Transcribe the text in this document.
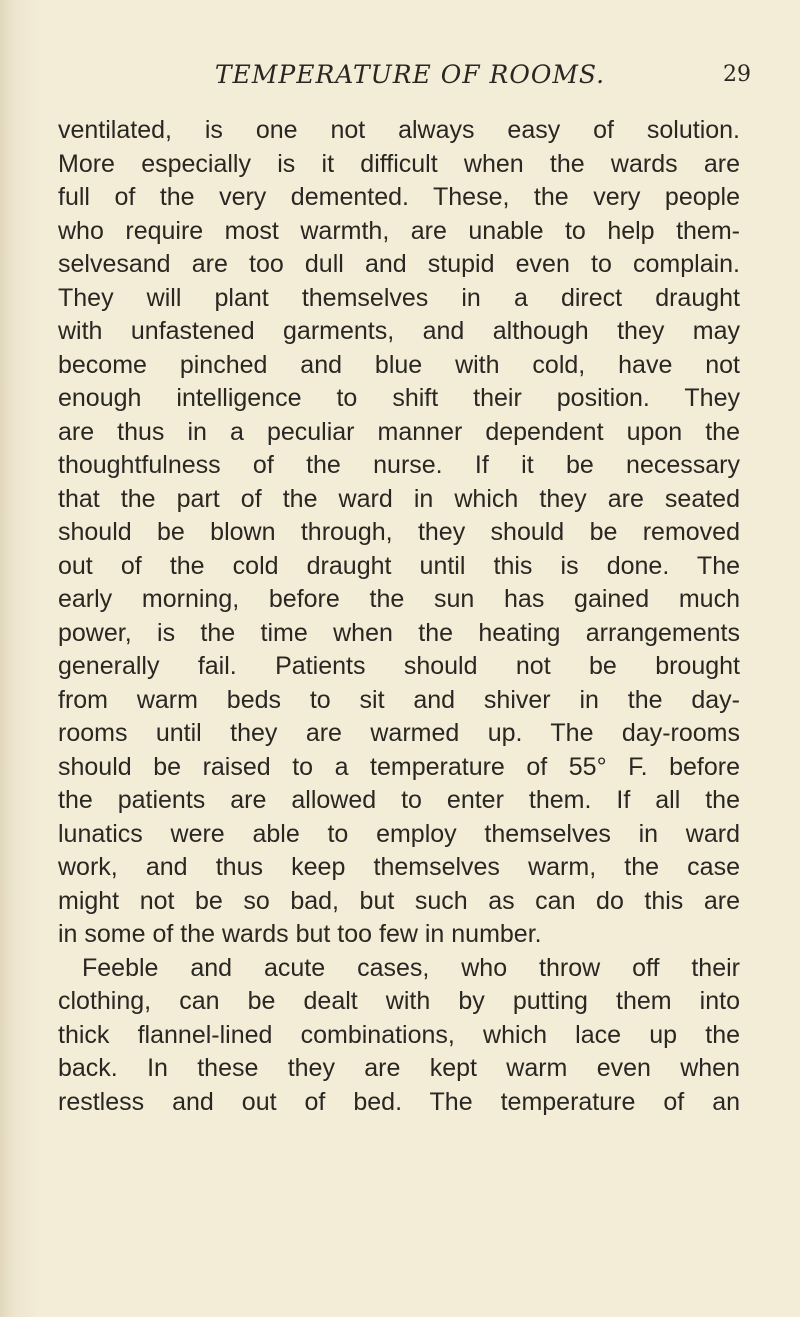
TEMPERATURE OF ROOMS.	29
ventilated, is one not always easy of solution.
More especially is it difficult when the wards are
full of the very demented. These, the very people
who require most warmth, are unable to help them-
selvesand are too dull and stupid even to complain.
They will plant themselves in a direct draught
with unfastened garments, and although they may
become pinched and blue with cold, have not
enough intelligence to shift their position. They
are thus in a peculiar manner dependent upon the
thoughtfulness of the nurse. If it be necessary
that the part of the ward in which they are seated
should be blown through, they should be removed
out of the cold draught until this is done. The
early morning, before the sun has gained much
power, is the time when the heating arrangements
generally fail. Patients should not be brought
from warm beds to sit and shiver in the day-
rooms until they are warmed up. The day-rooms
should be raised to a temperature of 55° F. before
the patients are allowed to enter them. If all the
lunatics were able to employ themselves in ward
work, and thus keep themselves warm, the case
might not be so bad, but such as can do this are
in some of the wards but too few in number.
Feeble and acute cases, who throw off their
clothing, can be dealt with by putting them into
thick flannel-lined combinations, which lace up the
back. In these they are kept warm even when
restless and out of bed. The temperature of an
